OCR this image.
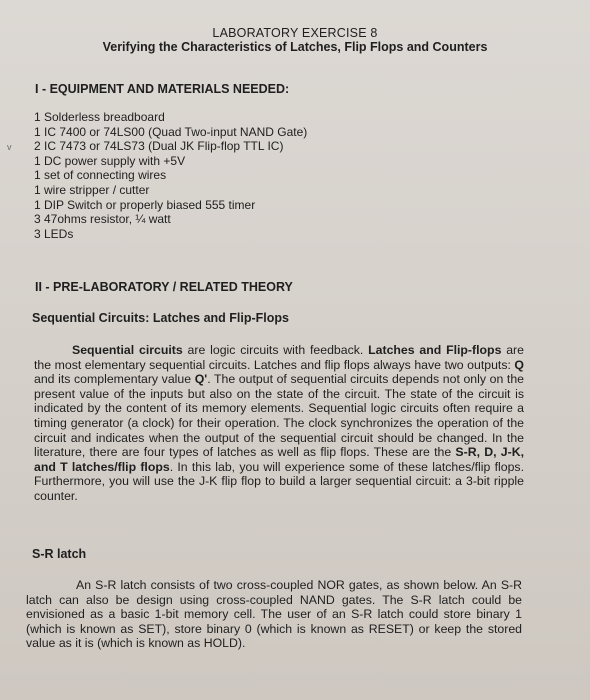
v
LABORATORY EXERCISE 8
Verifying the Characteristics of Latches, Flip Flops and Counters
I - EQUIPMENT AND MATERIALS NEEDED:
1 Solderless breadboard
1 IC 7400 or 74LS00 (Quad Two-input NAND Gate)
2 IC 7473 or 74LS73 (Dual JK Flip-flop TTL IC)
1 DC power supply with +5V
1 set of connecting wires
1 wire stripper / cutter
1 DIP Switch or properly biased 555 timer
3 47ohms resistor, ¼ watt
3 LEDs
II - PRE-LABORATORY / RELATED THEORY
Sequential Circuits: Latches and Flip-Flops

Sequential circuits are logic circuits with feedback. Latches and Flip-flops are the most elementary sequential circuits. Latches and flip flops always have two outputs: Q and its complementary value Q'. The output of sequential circuits depends not only on the present value of the inputs but also on the state of the circuit. The state of the circuit is indicated by the content of its memory elements. Sequential logic circuits often require a timing generator (a clock) for their operation. The clock synchronizes the operation of the circuit and indicates when the output of the sequential circuit should be changed. In the literature, there are four types of latches as well as flip flops. These are the S-R, D, J-K, and T latches/flip flops. In this lab, you will experience some of these latches/flip flops. Furthermore, you will use the J-K flip flop to build a larger sequential circuit: a 3-bit ripple counter.

S-R latch

An S-R latch consists of two cross-coupled NOR gates, as shown below. An S-R latch can also be design using cross-coupled NAND gates. The S-R latch could be envisioned as a basic 1-bit memory cell. The user of an S-R latch could store binary 1 (which is known as SET), store binary 0 (which is known as RESET) or keep the stored value as it is (which is known as HOLD).
